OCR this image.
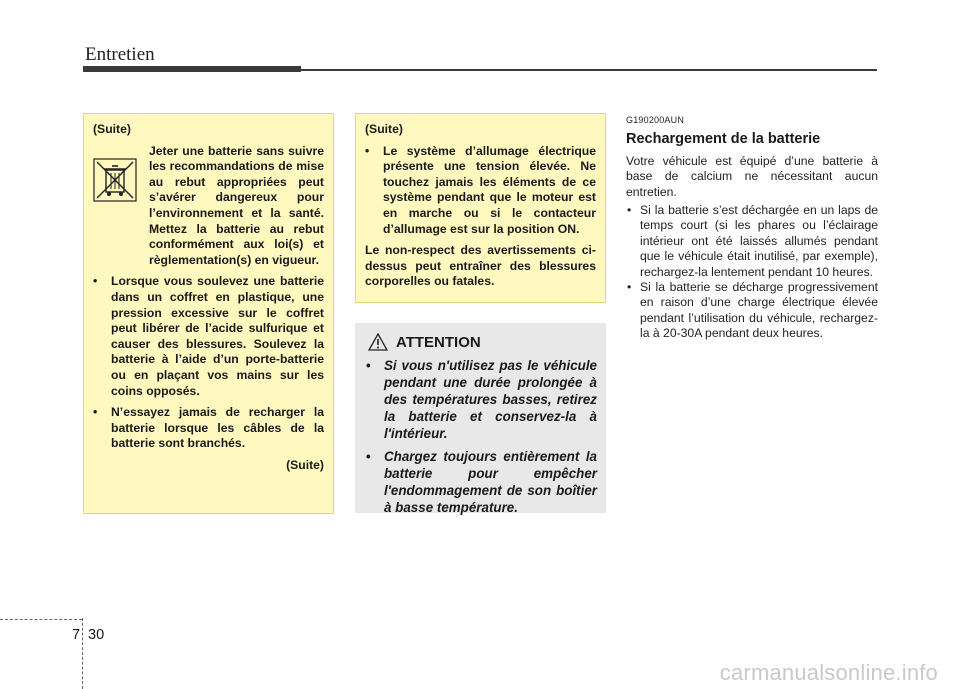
Entretien
(Suite)
Jeter une batterie sans suivre les recommandations de mise au rebut appropriées peut s’avérer dangereux pour l’environnement et la santé. Mettez la batterie au rebut conformément aux loi(s) et règlementation(s) en vigueur.
• Lorsque vous soulevez une batterie dans un coffret en plastique, une pression excessive sur le coffret peut libérer de l’acide sulfurique et causer des blessures. Soulevez la batterie à l’aide d’un porte-batterie ou en plaçant vos mains sur les coins opposés.
• N’essayez jamais de recharger la batterie lorsque les câbles de la batterie sont branchés.
(Suite)
(Suite)
• Le système d’allumage électrique présente une tension élevée. Ne touchez jamais les éléments de ce système pendant que le moteur est en marche ou si le contacteur d’allumage est sur la position ON.
Le non-respect des avertissements ci-dessus peut entraîner des blessures corporelles ou fatales.
ATTENTION
• Si vous n'utilisez pas le véhicule pendant une durée prolongée à des températures basses, retirez la batterie et conservez-la à l'intérieur.
• Chargez toujours entièrement la batterie pour empêcher l'endommagement de son boîtier à basse température.
G190200AUN
Rechargement de la batterie
Votre véhicule est équipé d’une batterie à base de calcium ne nécessitant aucun entretien.
• Si la batterie s’est déchargée en un laps de temps court (si les phares ou l’éclairage intérieur ont été laissés allumés pendant que le véhicule était inutilisé, par exemple), rechargez-la lentement pendant 10 heures.
• Si la batterie se décharge progressivement en raison d’une charge électrique élevée pendant l’utilisation du véhicule, rechargez-la à 20-30A pendant deux heures.
7 30
carmanualsonline.info
